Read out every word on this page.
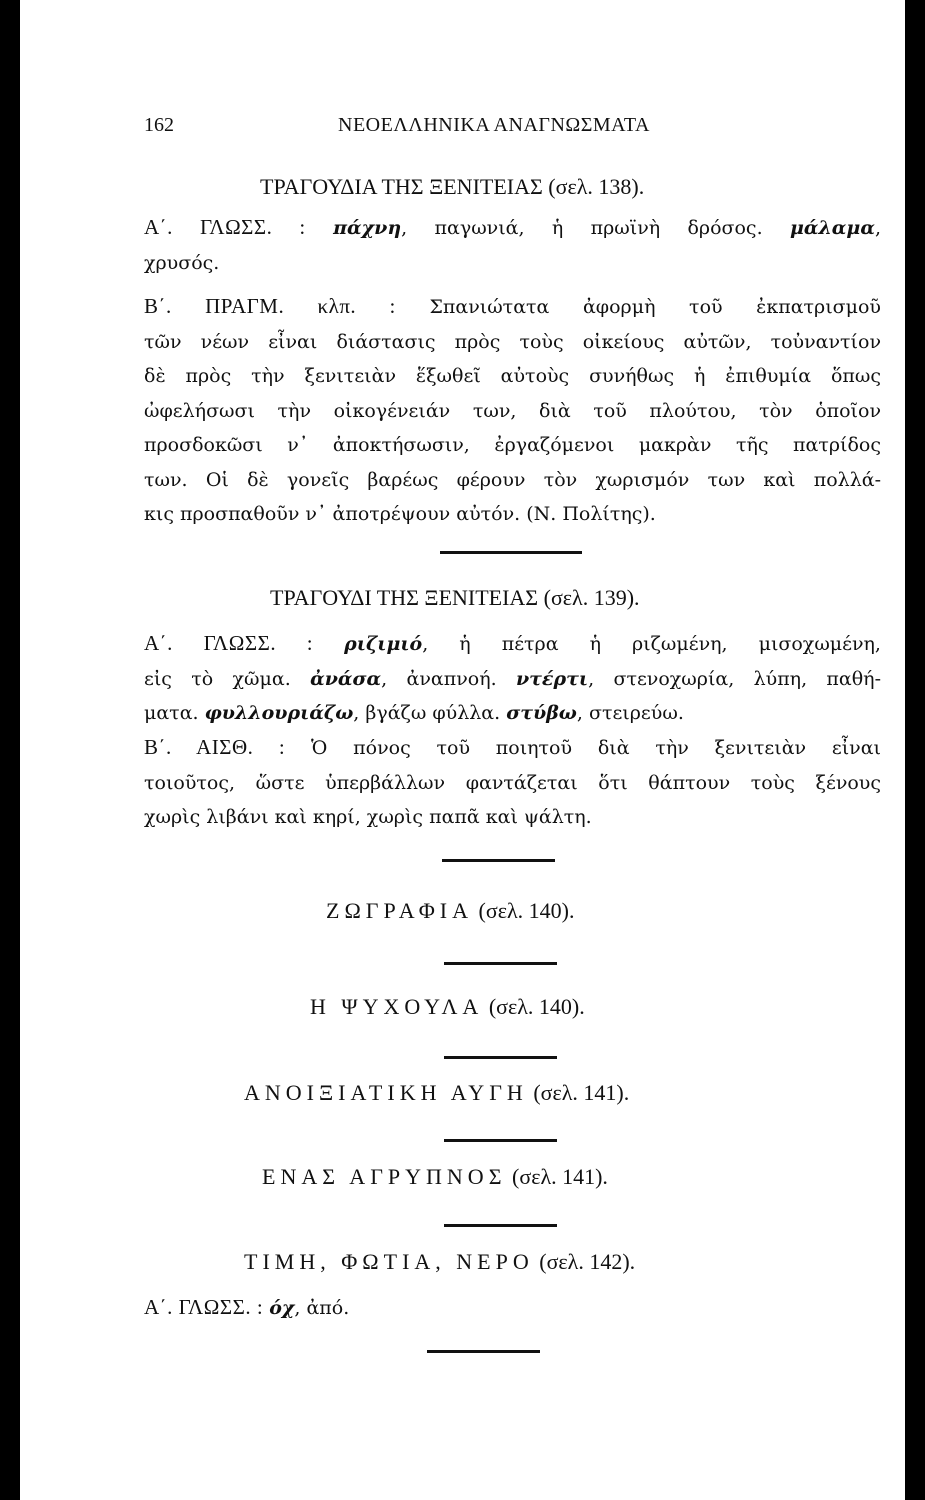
162	ΝΕΟΕΛΛΗΝΙΚΑ ΑΝΑΓΝΩΣΜΑΤΑ
ΤΡΑΓΟΥΔΙΑ ΤΗΣ ΞΕΝΙΤΕΙΑΣ (σελ. 138).
Α΄. ΓΛΩΣΣ. : πάχνη, παγωνιά, ἡ πρωϊνὴ δρόσος. μάλαμα,
χρυσός.
Β΄. ΠΡΑΓΜ. κλπ. : Σπανιώτατα ἀφορμὴ τοῦ ἐκπατρισμοῦ
τῶν νέων εἶναι διάστασις πρὸς τοὺς οἰκείους αὐτῶν, τοὐναντίον
δὲ πρὸς τὴν ξενιτειὰν ἕξωθεῖ αὐτοὺς συνήθως ἡ ἐπιθυμία ὅπως
ὠφελήσωσι τὴν οἰκογένειάν των, διὰ τοῦ πλούτου, τὸν ὁποῖον
προσδοκῶσι ν᾽ ἀποκτήσωσιν, ἐργαζόμενοι μακρὰν τῆς πατρίδος
των. Οἱ δὲ γονεῖς βαρέως φέρουν τὸν χωρισμόν των καὶ πολλά-
κις προσπαθοῦν ν᾽ ἀποτρέψουν αὐτόν. (Ν. Πολίτης).
ΤΡΑΓΟΥΔΙ ΤΗΣ ΞΕΝΙΤΕΙΑΣ (σελ. 139).
Α΄. ΓΛΩΣΣ. : ριζιμιό, ἡ πέτρα ἡ ριζωμένη, μισοχωμένη,
εἰς τὸ χῶμα. ἀνάσα, ἀναπνοή. ντέρτι, στενοχωρία, λύπη, παθή-
ματα. φυλλουριάζω, βγάζω φύλλα. στύβω, στειρεύω.
Β΄. ΑΙΣΘ. : Ὁ πόνος τοῦ ποιητοῦ διὰ τὴν ξενιτειὰν εἶναι
τοιοῦτος, ὥστε ὑπερβάλλων φαντάζεται ὅτι θάπτουν τοὺς ξένους
χωρὶς λιβάνι καὶ κηρί, χωρὶς παπᾶ καὶ ψάλτη.
ΖΩΓΡΑΦΙΑ (σελ. 140).
Η ΨΥΧΟΥΛΑ (σελ. 140).
ΑΝΟΙΞΙΑΤΙΚΗ ΑΥΓΗ (σελ. 141).
ΕΝΑΣ ΑΓΡΥΠΝΟΣ (σελ. 141).
ΤΙΜΗ, ΦΩΤΙΑ, ΝΕΡΟ (σελ. 142).
Α΄. ΓΛΩΣΣ. : όχ, ἀπό.
